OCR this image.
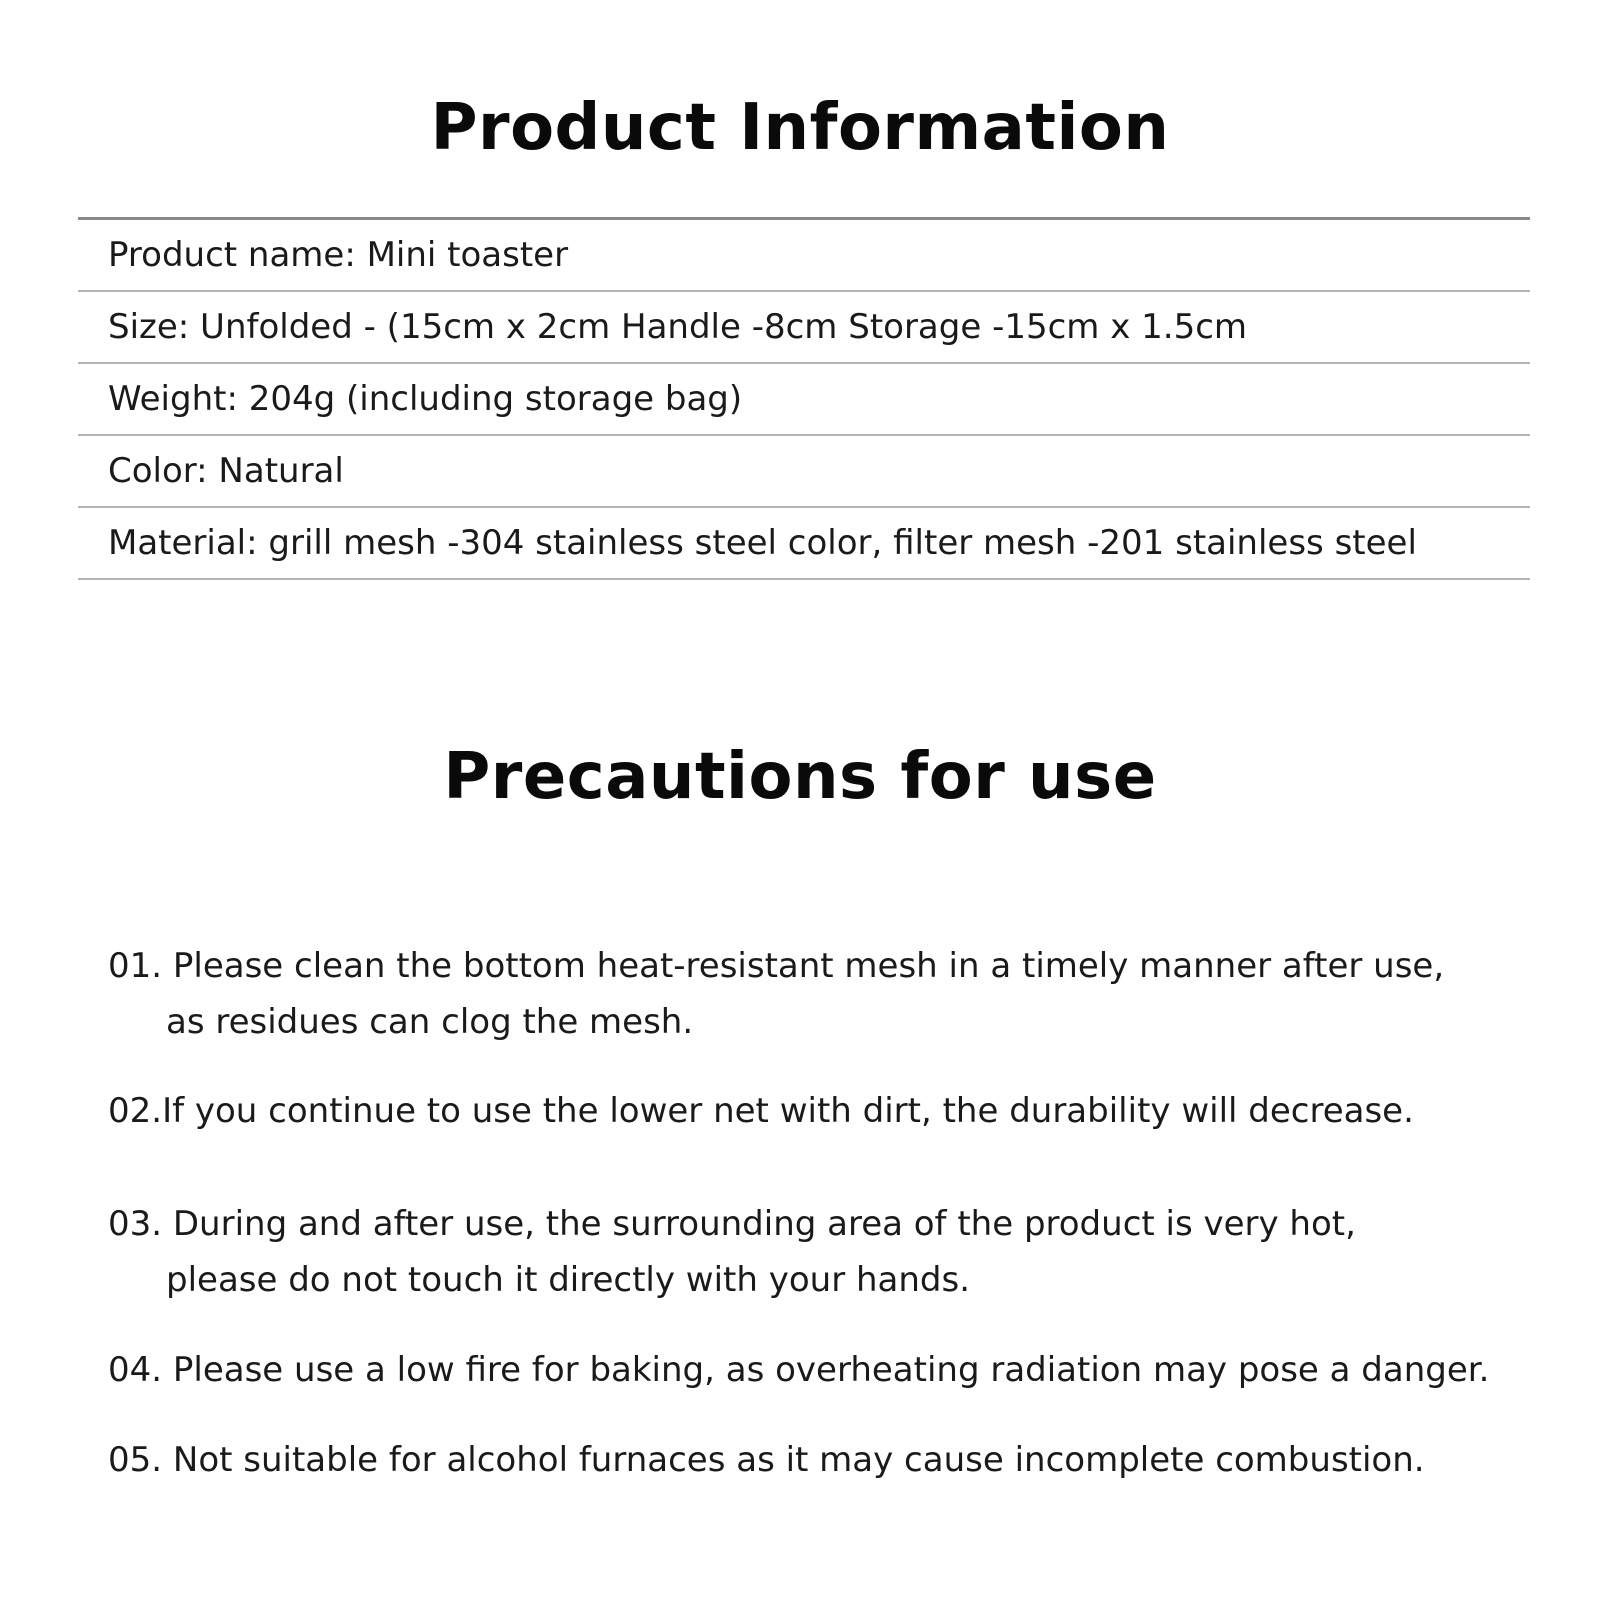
Product Information
Product name: Mini toaster
Size: Unfolded - (15cm x 2cm Handle -8cm Storage -15cm x 1.5cm
Weight: 204g (including storage bag)
Color: Natural
Material: grill mesh -304 stainless steel color, filter mesh -201 stainless steel
Precautions for use
01. Please clean the bottom heat-resistant mesh in a timely manner after use,
as residues can clog the mesh.
02.If you continue to use the lower net with dirt, the durability will decrease.
03. During and after use, the surrounding area of the product is very hot,
please do not touch it directly with your hands.
04. Please use a low fire for baking, as overheating radiation may pose a danger.
05. Not suitable for alcohol furnaces as it may cause incomplete combustion.
